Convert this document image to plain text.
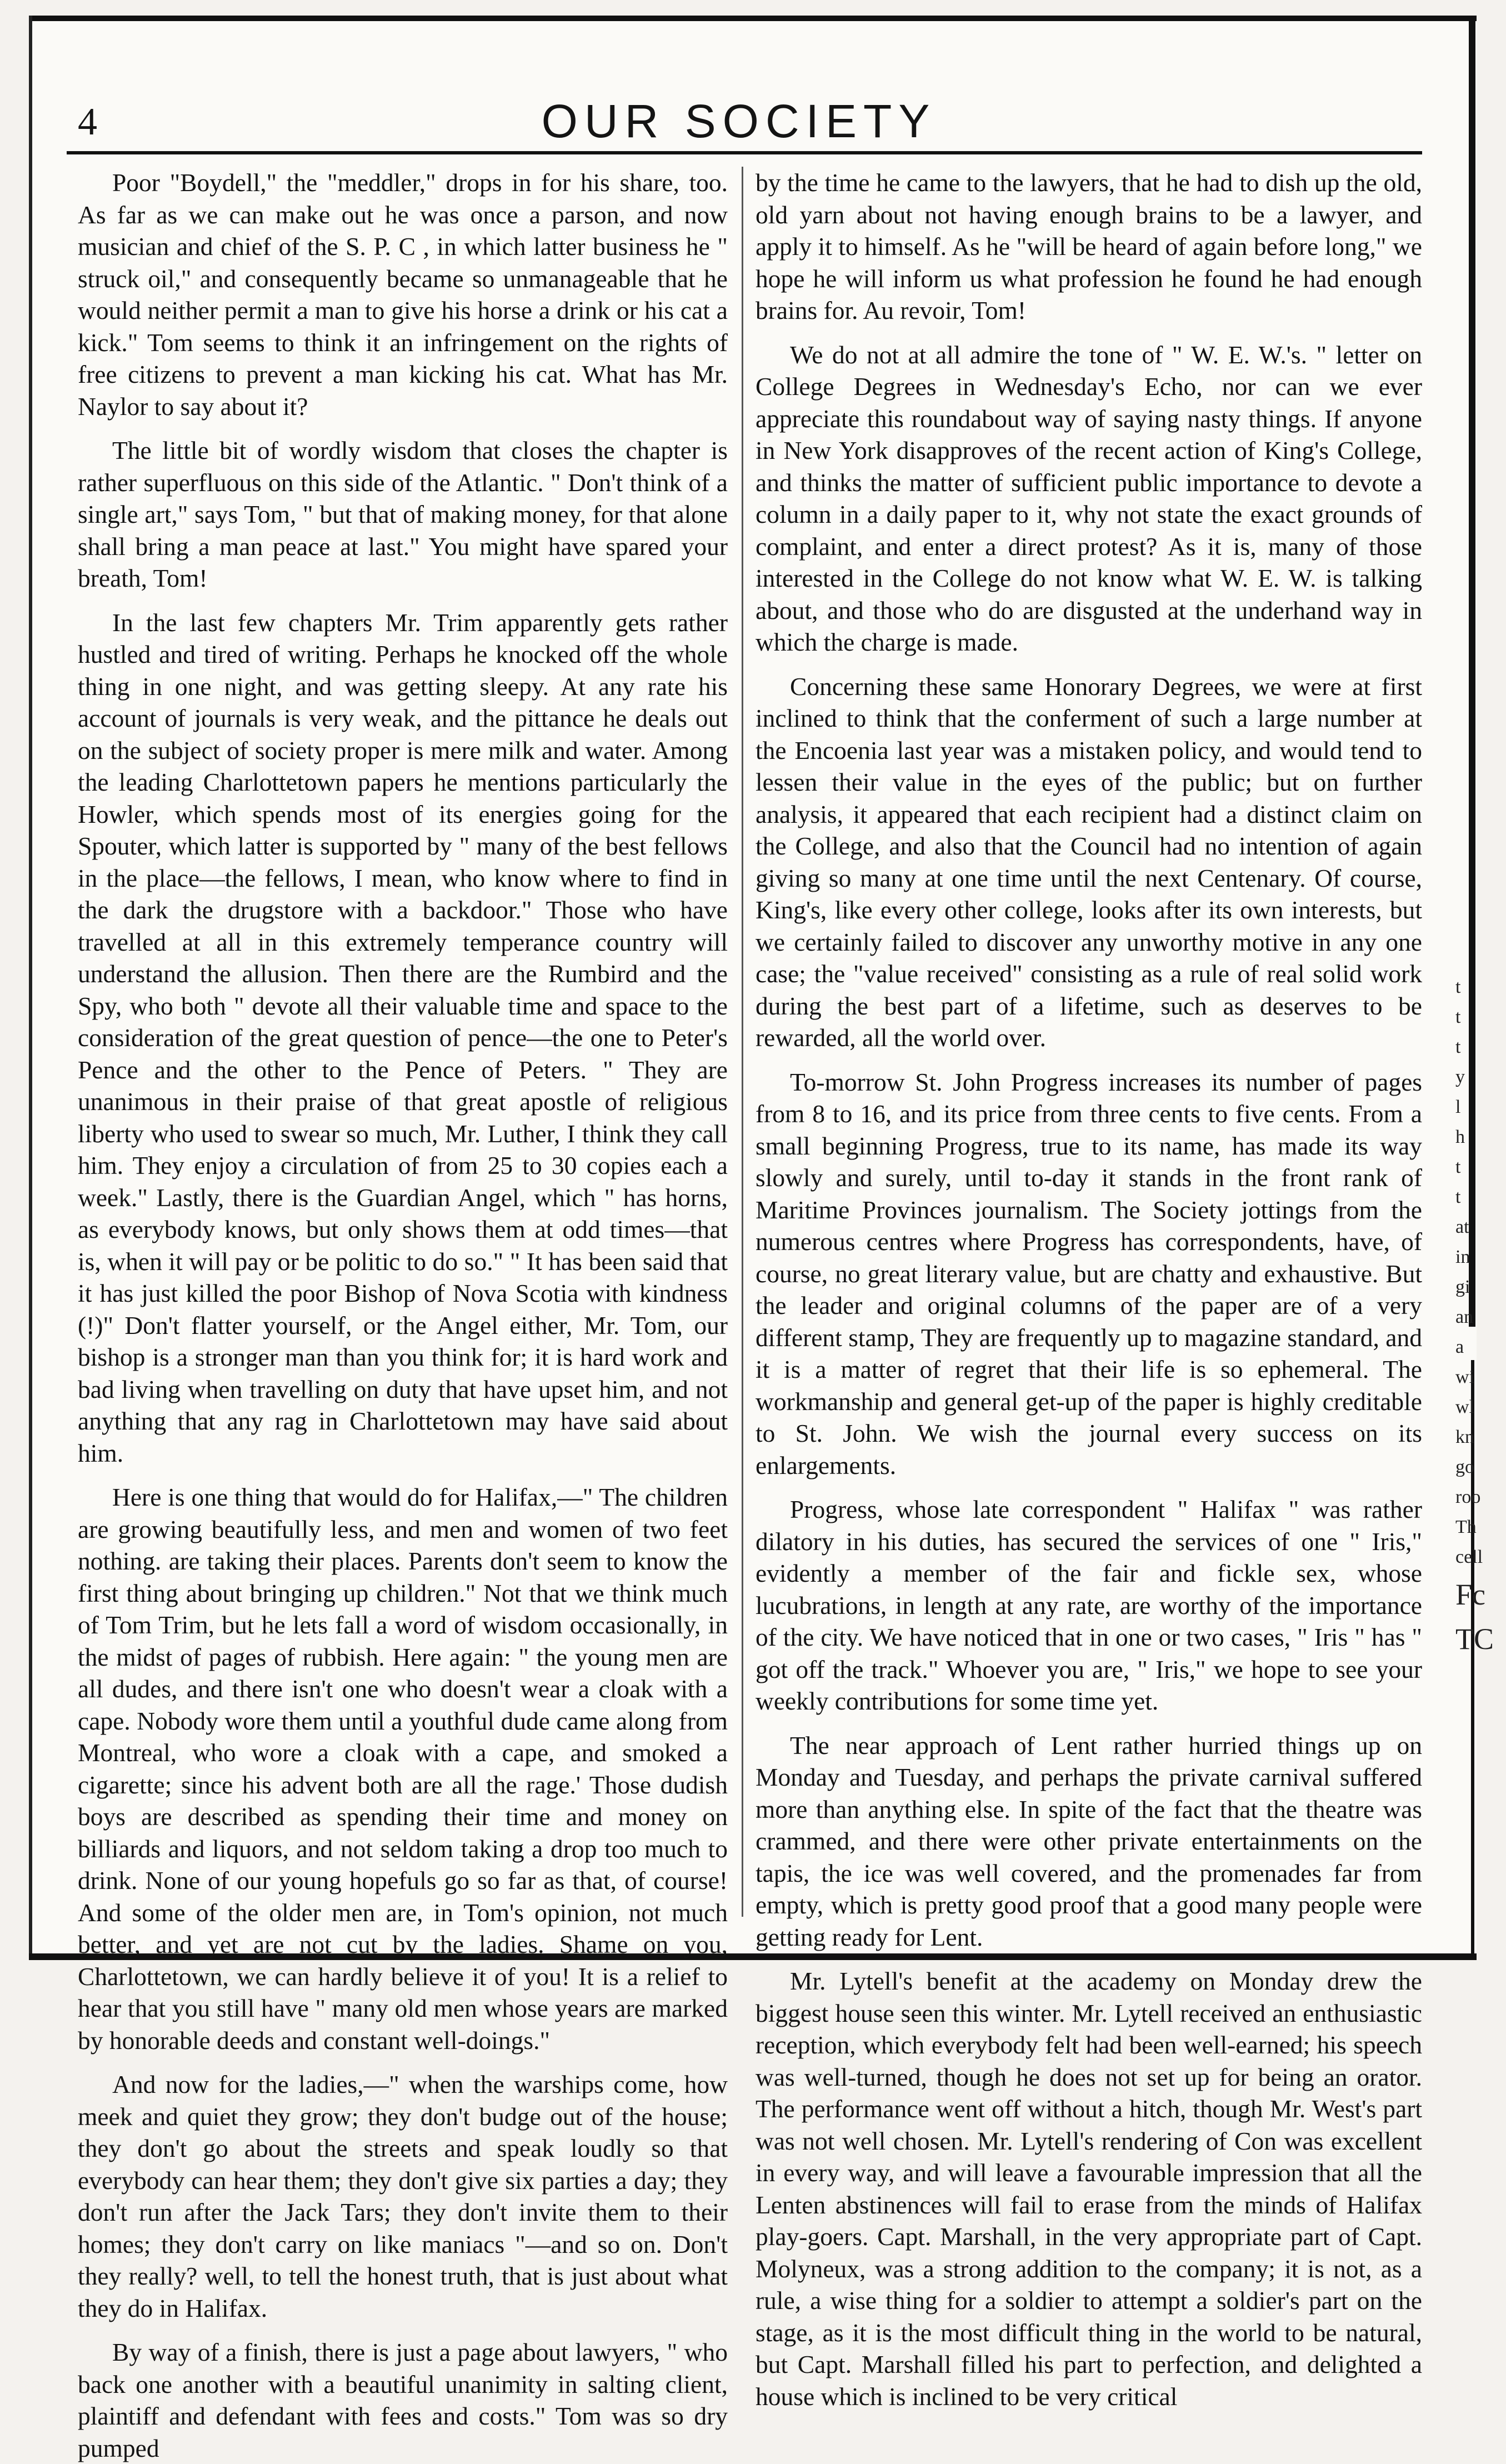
4	OUR SOCIETY

Poor "Boydell," the "meddler," drops in for his share, too. As far as we can make out he was once a parson, and now musician and chief of the S. P. C , in which latter business he " struck oil," and consequently became so unmanageable that he would neither permit a man to give his horse a drink or his cat a kick." Tom seems to think it an infringement on the rights of free citizens to prevent a man kicking his cat. What has Mr. Naylor to say about it?

The little bit of wordly wisdom that closes the chapter is rather superfluous on this side of the Atlantic. " Don't think of a single art," says Tom, " but that of making money, for that alone shall bring a man peace at last." You might have spared your breath, Tom!

In the last few chapters Mr. Trim apparently gets rather hustled and tired of writing. Perhaps he knocked off the whole thing in one night, and was getting sleepy. At any rate his account of journals is very weak, and the pittance he deals out on the subject of society proper is mere milk and water. Among the leading Charlottetown papers he mentions particularly the Howler, which spends most of its energies going for the Spouter, which latter is supported by " many of the best fellows in the place—the fellows, I mean, who know where to find in the dark the drugstore with a backdoor." Those who have travelled at all in this extremely temperance country will understand the allusion. Then there are the Rumbird and the Spy, who both " devote all their valuable time and space to the consideration of the great question of pence—the one to Peter's Pence and the other to the Pence of Peters. " They are unanimous in their praise of that great apostle of religious liberty who used to swear so much, Mr. Luther, I think they call him. They enjoy a circulation of from 25 to 30 copies each a week." Lastly, there is the Guardian Angel, which " has horns, as everybody knows, but only shows them at odd times—that is, when it will pay or be politic to do so." " It has been said that it has just killed the poor Bishop of Nova Scotia with kindness (!)" Don't flatter yourself, or the Angel either, Mr. Tom, our bishop is a stronger man than you think for; it is hard work and bad living when travelling on duty that have upset him, and not anything that any rag in Charlottetown may have said about him.

Here is one thing that would do for Halifax,—" The children are growing beautifully less, and men and women of two feet nothing. are taking their places. Parents don't seem to know the first thing about bringing up children." Not that we think much of Tom Trim, but he lets fall a word of wisdom occasionally, in the midst of pages of rubbish. Here again: " the young men are all dudes, and there isn't one who doesn't wear a cloak with a cape. Nobody wore them until a youthful dude came along from Montreal, who wore a cloak with a cape, and smoked a cigarette; since his advent both are all the rage.' Those dudish boys are described as spending their time and money on billiards and liquors, and not seldom taking a drop too much to drink. None of our young hopefuls go so far as that, of course! And some of the older men are, in Tom's opinion, not much better, and yet are not cut by the ladies. Shame on you, Charlottetown, we can hardly believe it of you! It is a relief to hear that you still have " many old men whose years are marked by honorable deeds and constant well-doings."

And now for the ladies,—" when the warships come, how meek and quiet they grow; they don't budge out of the house; they don't go about the streets and speak loudly so that everybody can hear them; they don't give six parties a day; they don't run after the Jack Tars; they don't invite them to their homes; they don't carry on like maniacs "—and so on. Don't they really? well, to tell the honest truth, that is just about what they do in Halifax.

By way of a finish, there is just a page about lawyers, " who back one another with a beautiful unanimity in salting client, plaintiff and defendant with fees and costs." Tom was so dry pumped

by the time he came to the lawyers, that he had to dish up the old, old yarn about not having enough brains to be a lawyer, and apply it to himself. As he "will be heard of again before long," we hope he will inform us what profession he found he had enough brains for. Au revoir, Tom!

We do not at all admire the tone of " W. E. W.'s. " letter on College Degrees in Wednesday's Echo, nor can we ever appreciate this roundabout way of saying nasty things. If anyone in New York disapproves of the recent action of King's College, and thinks the matter of sufficient public importance to devote a column in a daily paper to it, why not state the exact grounds of complaint, and enter a direct protest? As it is, many of those interested in the College do not know what W. E. W. is talking about, and those who do are disgusted at the underhand way in which the charge is made.

Concerning these same Honorary Degrees, we were at first inclined to think that the conferment of such a large number at the Encoenia last year was a mistaken policy, and would tend to lessen their value in the eyes of the public; but on further analysis, it appeared that each recipient had a distinct claim on the College, and also that the Council had no intention of again giving so many at one time until the next Centenary. Of course, King's, like every other college, looks after its own interests, but we certainly failed to discover any unworthy motive in any one case; the "value received" consisting as a rule of real solid work during the best part of a lifetime, such as deserves to be rewarded, all the world over.

To-morrow St. John Progress increases its number of pages from 8 to 16, and its price from three cents to five cents. From a small beginning Progress, true to its name, has made its way slowly and surely, until to-day it stands in the front rank of Maritime Provinces journalism. The Society jottings from the numerous centres where Progress has correspondents, have, of course, no great literary value, but are chatty and exhaustive. But the leader and original columns of the paper are of a very different stamp, They are frequently up to magazine standard, and it is a matter of regret that their life is so ephemeral. The workmanship and general get-up of the paper is highly creditable to St. John. We wish the journal every success on its enlargements.

Progress, whose late correspondent " Halifax " was rather dilatory in his duties, has secured the services of one " Iris," evidently a member of the fair and fickle sex, whose lucubrations, in length at any rate, are worthy of the importance of the city. We have noticed that in one or two cases, " Iris " has " got off the track." Whoever you are, " Iris," we hope to see your weekly contributions for some time yet.

The near approach of Lent rather hurried things up on Monday and Tuesday, and perhaps the private carnival suffered more than anything else. In spite of the fact that the theatre was crammed, and there were other private entertainments on the tapis, the ice was well covered, and the promenades far from empty, which is pretty good proof that a good many people were getting ready for Lent.

Mr. Lytell's benefit at the academy on Monday drew the biggest house seen this winter. Mr. Lytell received an enthusiastic reception, which everybody felt had been well-earned; his speech was well-turned, though he does not set up for being an orator. The performance went off without a hitch, though Mr. West's part was not well chosen. Mr. Lytell's rendering of Con was excellent in every way, and will leave a favourable impression that all the Lenten abstinences will fail to erase from the minds of Halifax play-goers. Capt. Marshall, in the very appropriate part of Capt. Molyneux, was a strong addition to the company; it is not, as a rule, a wise thing for a soldier to attempt a soldier's part on the stage, as it is the most difficult thing in the world to be natural, but Capt. Marshall filled his part to perfection, and delighted a house which is inclined to be very critical

t
t
t
y
l
h
t
t
at
in
gi
an
a
wi
wl
kn
go
roo
Th
cell
Fc
TC
